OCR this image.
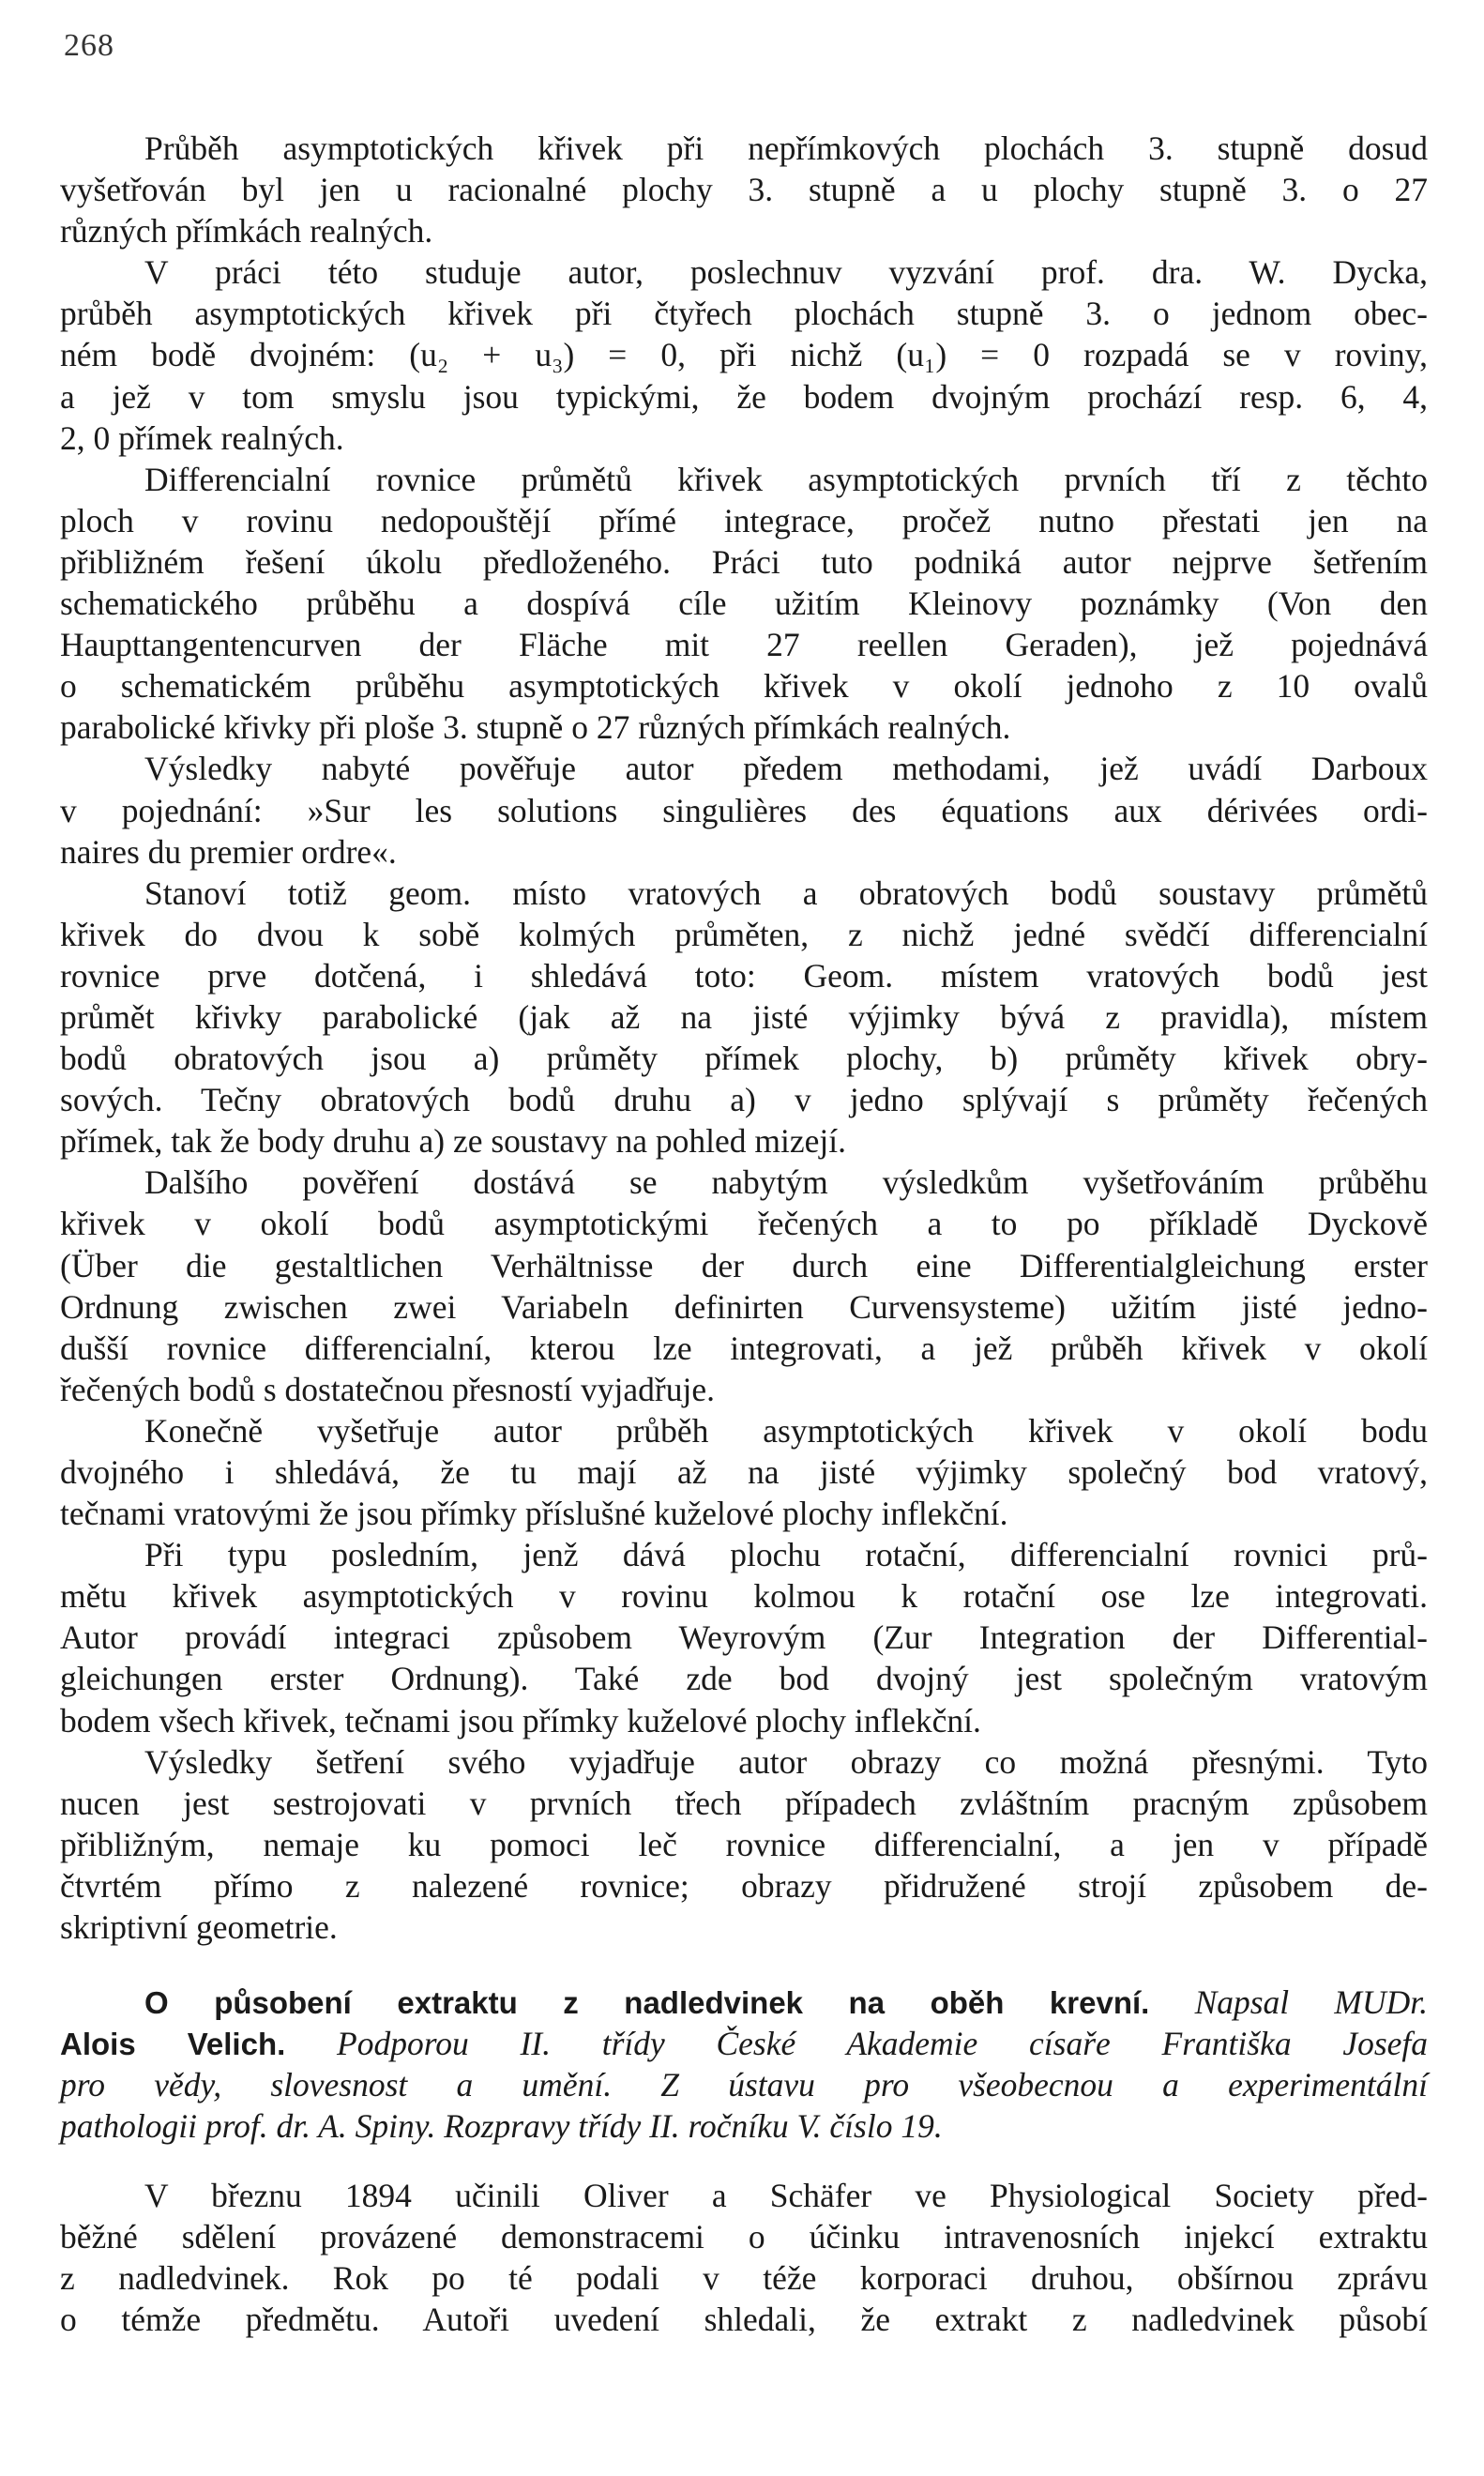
268
Průběh asymptotických křivek při nepřímkových plochách 3. stupně dosud
vyšetřován byl jen u racionalné plochy 3. stupně a u plochy stupně 3. o 27
různých přímkách realných.
V práci této studuje autor, poslechnuv vyzvání prof. dra. W. Dycka,
průběh asymptotických křivek při čtyřech plochách stupně 3. o jednom obec-
ném bodě dvojném: (u₂ + u₃) = 0, při nichž (u₁) = 0 rozpadá se v roviny,
a jež v tom smyslu jsou typickými, že bodem dvojným prochází resp. 6, 4,
2, 0 přímek realných.
Differencialní rovnice průmětů křivek asymptotických prvních tří z těchto
ploch v rovinu nedopouštějí přímé integrace, pročež nutno přestati jen na
přibližném řešení úkolu předloženého. Práci tuto podniká autor nejprve šetřením
schematického průběhu a dospívá cíle užitím Kleinovy poznámky (Von den
Haupttangentencurven der Fläche mit 27 reellen Geraden), jež pojednává
o schematickém průběhu asymptotických křivek v okolí jednoho z 10 ovalů
parabolické křivky při ploše 3. stupně o 27 různých přímkách realných.
Výsledky nabyté pověřuje autor předem methodami, jež uvádí Darboux
v pojednání: »Sur les solutions singulières des équations aux dérivées ordi-
naires du premier ordre«.
Stanoví totiž geom. místo vratových a obratových bodů soustavy průmětů
křivek do dvou k sobě kolmých průměten, z nichž jedné svědčí differencialní
rovnice prve dotčená, i shledává toto: Geom. místem vratových bodů jest
průmět křivky parabolické (jak až na jisté výjimky bývá z pravidla), místem
bodů obratových jsou a) průměty přímek plochy, b) průměty křivek obry-
sových. Tečny obratových bodů druhu a) v jedno splývají s průměty řečených
přímek, tak že body druhu a) ze soustavy na pohled mizejí.
Dalšího pověření dostává se nabytým výsledkům vyšetřováním průběhu
křivek v okolí bodů asymptotickými řečených a to po příkladě Dyckově
(Über die gestaltlichen Verhältnisse der durch eine Differentialgleichung erster
Ordnung zwischen zwei Variabeln definirten Curvensysteme) užitím jisté jedno-
dušší rovnice differencialní, kterou lze integrovati, a jež průběh křivek v okolí
řečených bodů s dostatečnou přesností vyjadřuje.
Konečně vyšetřuje autor průběh asymptotických křivek v okolí bodu
dvojného i shledává, že tu mají až na jisté výjimky společný bod vratový,
tečnami vratovými že jsou přímky příslušné kuželové plochy inflekční.
Při typu posledním, jenž dává plochu rotační, differencialní rovnici prů-
mětu křivek asymptotických v rovinu kolmou k rotační ose lze integrovati.
Autor provádí integraci způsobem Weyrovým (Zur Integration der Differential-
gleichungen erster Ordnung). Také zde bod dvojný jest společným vratovým
bodem všech křivek, tečnami jsou přímky kuželové plochy inflekční.
Výsledky šetření svého vyjadřuje autor obrazy co možná přesnými. Tyto
nucen jest sestrojovati v prvních třech případech zvláštním pracným způsobem
přibližným, nemaje ku pomoci leč rovnice differencialní, a jen v případě
čtvrtém přímo z nalezené rovnice; obrazy přidružené strojí způsobem de-
skriptivní geometrie.
O působení extraktu z nadledvinek na oběh krevní. Napsal MUDr.
Alois Velich. Podporou II. třídy České Akademie císaře Františka Josefa
pro vědy, slovesnost a umění. Z ústavu pro všeobecnou a experimentální
pathologii prof. dr. A. Spiny. Rozpravy třídy II. ročníku V. číslo 19.
V březnu 1894 učinili Oliver a Schäfer ve Physiological Society před-
běžné sdělení provázené demonstracemi o účinku intravenosních injekcí extraktu
z nadledvinek. Rok po té podali v téže korporaci druhou, obšírnou zprávu
o témže předmětu. Autoři uvedení shledali, že extrakt z nadledvinek působí
